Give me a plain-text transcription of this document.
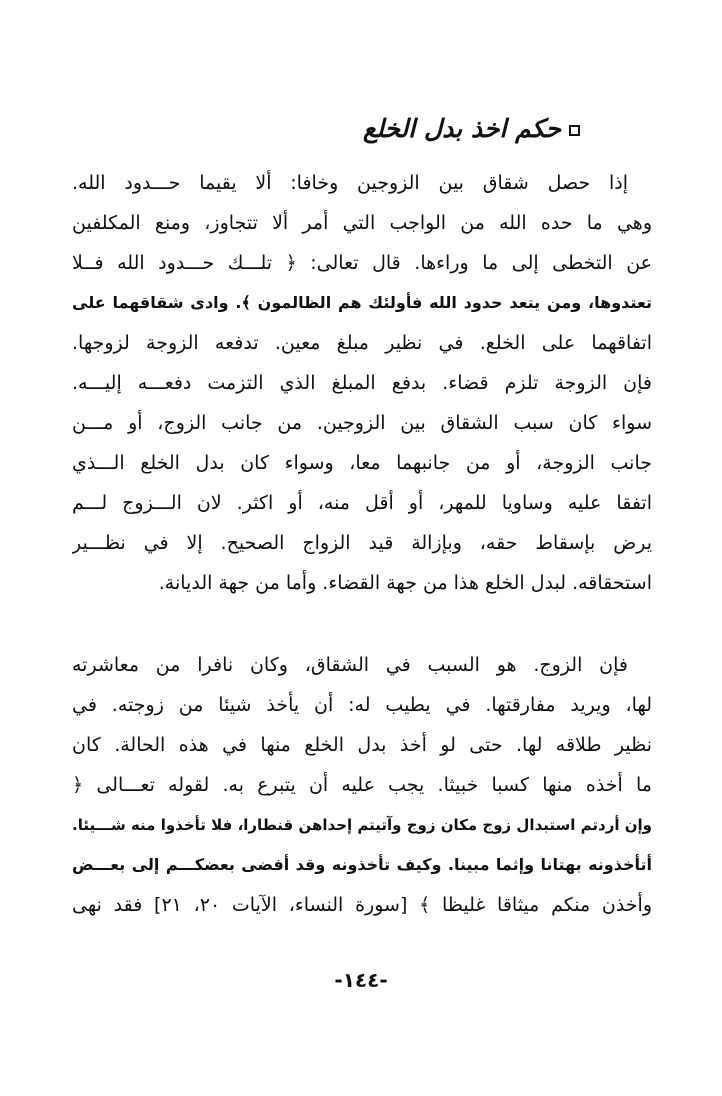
حكم اخذ بدل الخلع
إذا حصل شقاق بين الزوجين وخافا: ألا يقيما حـــدود الله.
وهي ما حده الله من الواجب التي أمر ألا تتجاوز، ومنع المكلفين
عن التخطى إلى ما وراءها. قال تعالى: ﴿ تلـــك حـــدود الله فــلا
تعتدوها، ومن يتعد حدود الله فأولئك هم الظالمون ﴾. وادى شقاقهما على
اتفاقهما على الخلع. في نظير مبلغ معين. تدفعه الزوجة لزوجها.
فإن الزوجة تلزم قضاء. بدفع المبلغ الذي التزمت دفعـــه إليـــه.
سواء كان سبب الشقاق بين الزوجين. من جانب الزوج، أو مـــن
جانب الزوجة، أو من جانبهما معا، وسواء كان بدل الخلع الـــذي
اتفقا عليه وساويا للمهر، أو أقل منه، أو اكثر. لان الـــزوج لـــم
يرض بإسقاط حقه، وبإزالة قيد الزواج الصحيح. إلا في نظـــير
استحقاقه. لبدل الخلع هذا من جهة القضاء. وأما من جهة الديانة.
فإن الزوج. هو السبب في الشقاق، وكان نافرا من معاشرته
لها، ويريد مفارقتها. في يطيب له: أن يأخذ شيئا من زوجته. في
نظير طلاقه لها. حتى لو أخذ بدل الخلع منها في هذه الحالة. كان
ما أخذه منها كسبا خبيثا. يجب عليه أن يتبرع به. لقوله تعـــالى ﴿
وإن أردتم استبدال زوج مكان زوج وآتيتم إحداهن قنطارا، فلا تأخذوا منه شـــيئا.
أتأخذونه بهتانا وإثما مبينا. وكيف تأخذونه وقد أفضى بعضكـــم إلى بعـــض
وأخذن منكم ميثاقا غليظا ﴾ [سورة النساء، الآيات ٢٠، ٢١] فقد نهى
-١٤٤-
